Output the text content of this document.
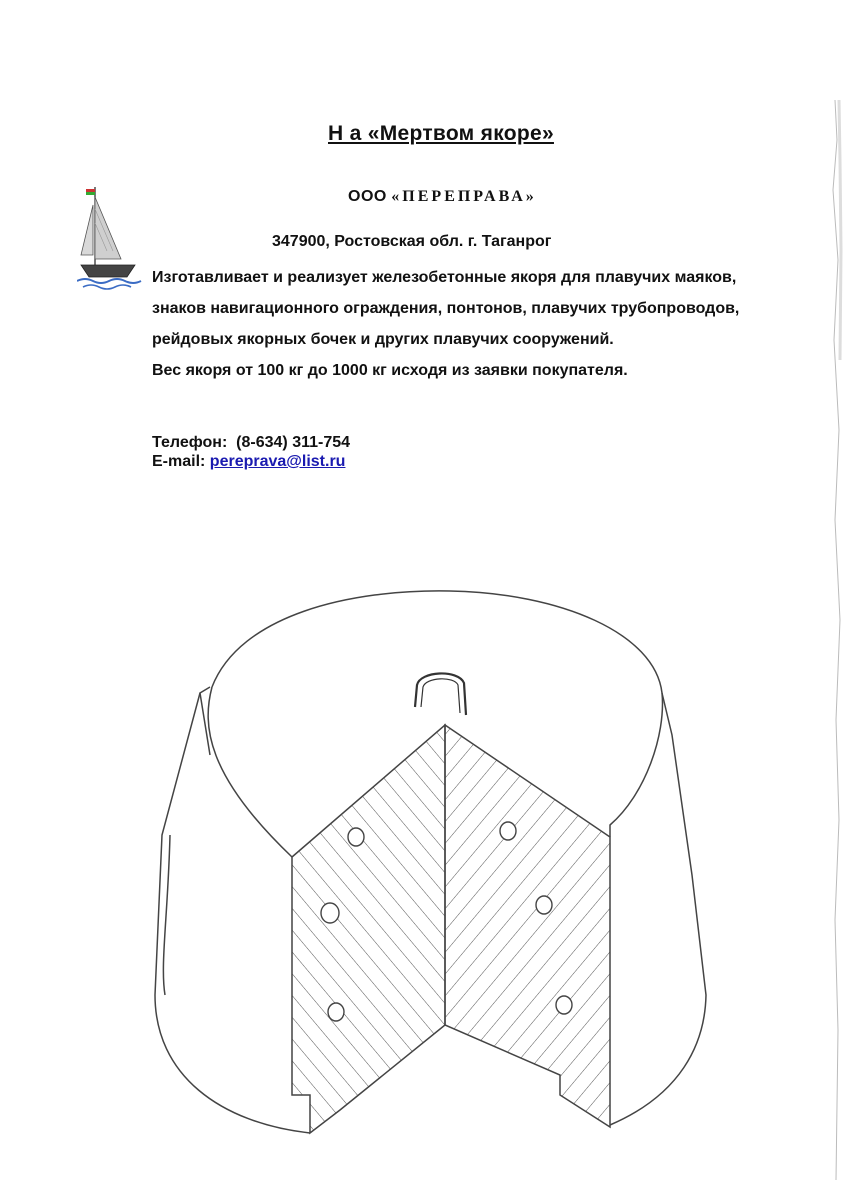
Н а «Мертвом якоре»
ООО «ПЕРЕПРАВА»
347900, Ростовская обл. г. Таганрог

Изготавливает и реализует железобетонные якоря для плавучих маяков, знаков навигационного ограждения, понтонов, плавучих трубопроводов, рейдовых якорных бочек и других плавучих сооружений.

Вес якоря от 100 кг до 1000 кг исходя из заявки покупателя.

Телефон: (8-634) 311-754
E-mail: pereprava@list.ru
